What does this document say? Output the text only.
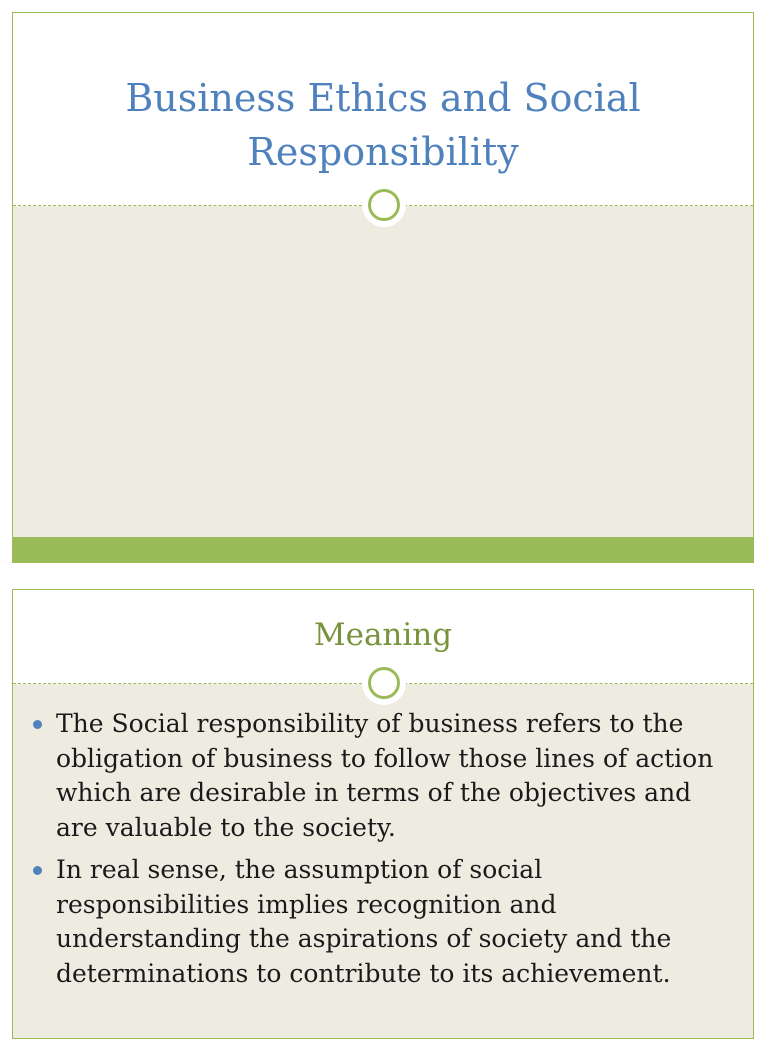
Business Ethics and Social
Responsibility
Meaning
The Social responsibility of business refers to the obligation of business to follow those lines of action which are desirable in terms of the objectives and are valuable to the society.
In real sense, the assumption of social responsibilities implies recognition and understanding the aspirations of society and the determinations to contribute to its achievement.
